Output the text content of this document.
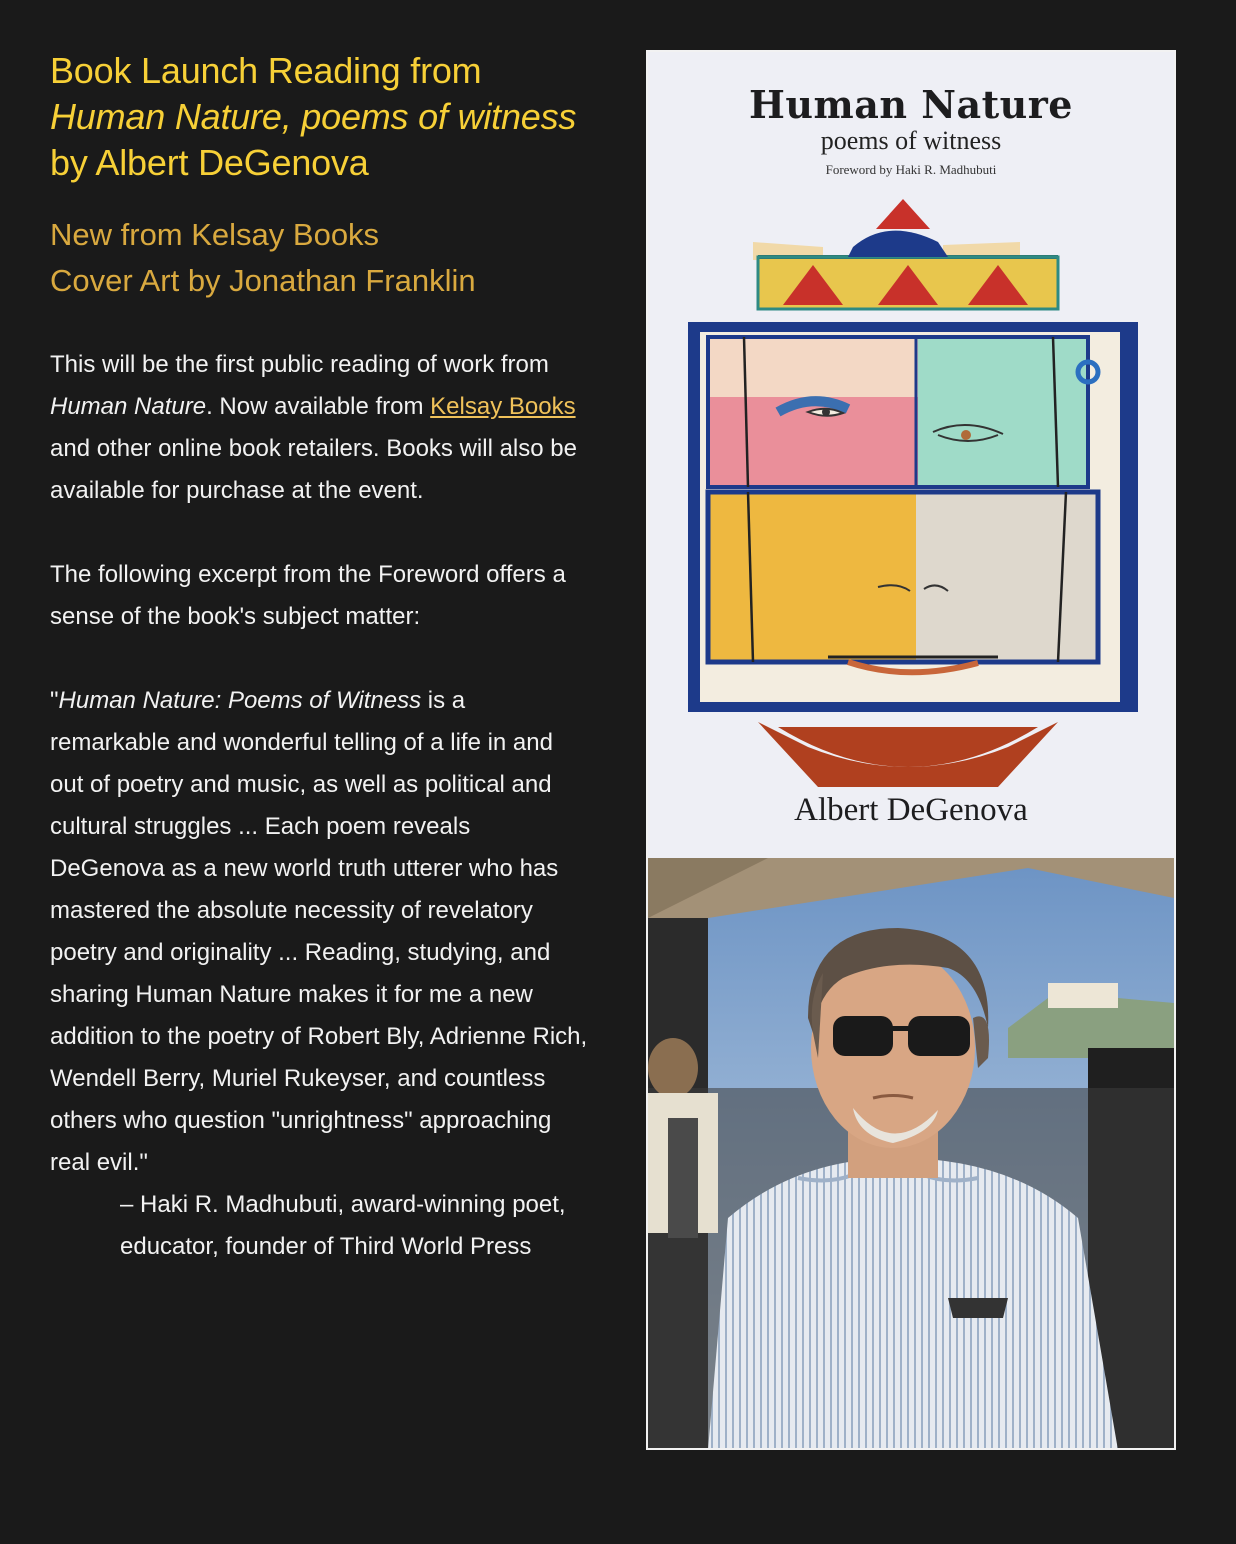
Book Launch Reading from Human Nature, poems of witness by Albert DeGenova
New from Kelsay Books
Cover Art by Jonathan Franklin

This will be the first public reading of work from Human Nature. Now available from Kelsay Books and other online book retailers. Books will also be available for purchase at the event.

The following excerpt from the Foreword offers a sense of the book's subject matter:

"Human Nature: Poems of Witness is a remarkable and wonderful telling of a life in and out of poetry and music, as well as political and cultural struggles ... Each poem reveals DeGenova as a new world truth utterer who has mastered the absolute necessity of revelatory poetry and originality ... Reading, studying, and sharing Human Nature makes it for me a new addition to the poetry of Robert Bly, Adrienne Rich, Wendell Berry, Muriel Rukeyser, and countless others who question "unrightness" approaching real evil."

– Haki R. Madhubuti, award-winning poet, educator, founder of Third World Press

Human Nature
poems of witness
Foreword by Haki R. Madhubuti
Albert DeGenova
